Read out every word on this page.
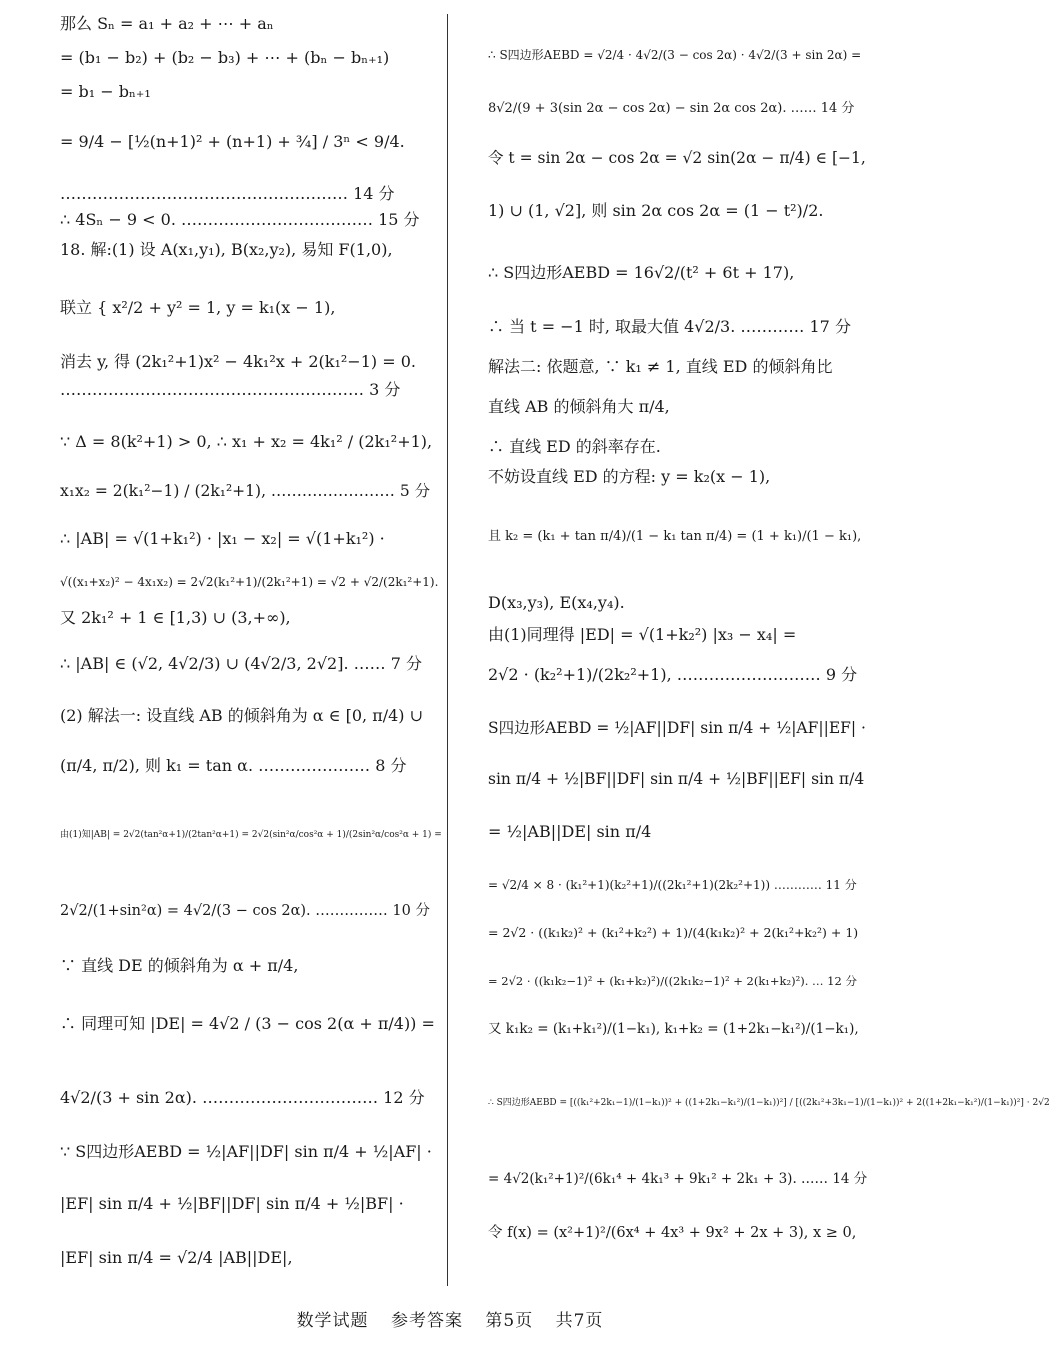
那么 Sₙ = a₁ + a₂ + ⋯ + aₙ
= (b₁ − b₂) + (b₂ − b₃) + ⋯ + (bₙ − bₙ₊₁)
= b₁ − bₙ₊₁
= 9/4 − [½(n+1)² + (n+1) + ¾] / 3ⁿ < 9/4.
……………………………………………… 14 分
∴ 4Sₙ − 9 < 0. ……………………………… 15 分
18. 解:(1) 设 A(x₁,y₁), B(x₂,y₂), 易知 F(1,0),
联立 { x²/2 + y² = 1, y = k₁(x − 1),
消去 y, 得 (2k₁²+1)x² − 4k₁²x + 2(k₁²−1) = 0.
………………………………………………… 3 分
∵ Δ = 8(k²+1) > 0, ∴ x₁ + x₂ = 4k₁² / (2k₁²+1),
x₁x₂ = 2(k₁²−1) / (2k₁²+1), …………………… 5 分
∴ |AB| = √(1+k₁²) · |x₁ − x₂| = √(1+k₁²) ·
√((x₁+x₂)² − 4x₁x₂) = 2√2(k₁²+1)/(2k₁²+1) = √2 + √2/(2k₁²+1).
又 2k₁² + 1 ∈ [1,3) ∪ (3,+∞),
∴ |AB| ∈ (√2, 4√2/3) ∪ (4√2/3, 2√2]. …… 7 分
(2) 解法一: 设直线 AB 的倾斜角为 α ∈ [0, π/4) ∪
(π/4, π/2), 则 k₁ = tan α. ………………… 8 分
由(1)知|AB| = 2√2(tan²α+1)/(2tan²α+1) = 2√2(sin²α/cos²α + 1)/(2sin²α/cos²α + 1) =
2√2/(1+sin²α) = 4√2/(3 − cos 2α). …………… 10 分
∵ 直线 DE 的倾斜角为 α + π/4,
∴ 同理可知 |DE| = 4√2 / (3 − cos 2(α + π/4)) =
4√2/(3 + sin 2α). …………………………… 12 分
∵ S四边形AEBD = ½|AF||DF| sin π/4 + ½|AF| ·
|EF| sin π/4 + ½|BF||DF| sin π/4 + ½|BF| ·
|EF| sin π/4 = √2/4 |AB||DE|,
∴ S四边形AEBD = √2/4 · 4√2/(3 − cos 2α) · 4√2/(3 + sin 2α) =
8√2/(9 + 3(sin 2α − cos 2α) − sin 2α cos 2α). …… 14 分
令 t = sin 2α − cos 2α = √2 sin(2α − π/4) ∈ [−1,
1) ∪ (1, √2], 则 sin 2α cos 2α = (1 − t²)/2.
∴ S四边形AEBD = 16√2/(t² + 6t + 17),
∴ 当 t = −1 时, 取最大值 4√2/3. ………… 17 分
解法二: 依题意, ∵ k₁ ≠ 1, 直线 ED 的倾斜角比
直线 AB 的倾斜角大 π/4,
∴ 直线 ED 的斜率存在.
不妨设直线 ED 的方程: y = k₂(x − 1),
且 k₂ = (k₁ + tan π/4)/(1 − k₁ tan π/4) = (1 + k₁)/(1 − k₁),
D(x₃,y₃), E(x₄,y₄).
由(1)同理得 |ED| = √(1+k₂²) |x₃ − x₄| =
2√2 · (k₂²+1)/(2k₂²+1), ……………………… 9 分
S四边形AEBD = ½|AF||DF| sin π/4 + ½|AF||EF| ·
sin π/4 + ½|BF||DF| sin π/4 + ½|BF||EF| sin π/4
= ½|AB||DE| sin π/4
= √2/4 × 8 · (k₁²+1)(k₂²+1)/((2k₁²+1)(2k₂²+1)) ………… 11 分
= 2√2 · ((k₁k₂)² + (k₁²+k₂²) + 1)/(4(k₁k₂)² + 2(k₁²+k₂²) + 1)
= 2√2 · ((k₁k₂−1)² + (k₁+k₂)²)/((2k₁k₂−1)² + 2(k₁+k₂)²). … 12 分
又 k₁k₂ = (k₁+k₁²)/(1−k₁), k₁+k₂ = (1+2k₁−k₁²)/(1−k₁),
∴ S四边形AEBD = [((k₁²+2k₁−1)/(1−k₁))² + ((1+2k₁−k₁²)/(1−k₁))²] / [((2k₁²+3k₁−1)/(1−k₁))² + 2((1+2k₁−k₁²)/(1−k₁))²] · 2√2
= 4√2(k₁²+1)²/(6k₁⁴ + 4k₁³ + 9k₁² + 2k₁ + 3). …… 14 分
令 f(x) = (x²+1)²/(6x⁴ + 4x³ + 9x² + 2x + 3), x ≥ 0,
数学试题 参考答案 第5页 共7页
